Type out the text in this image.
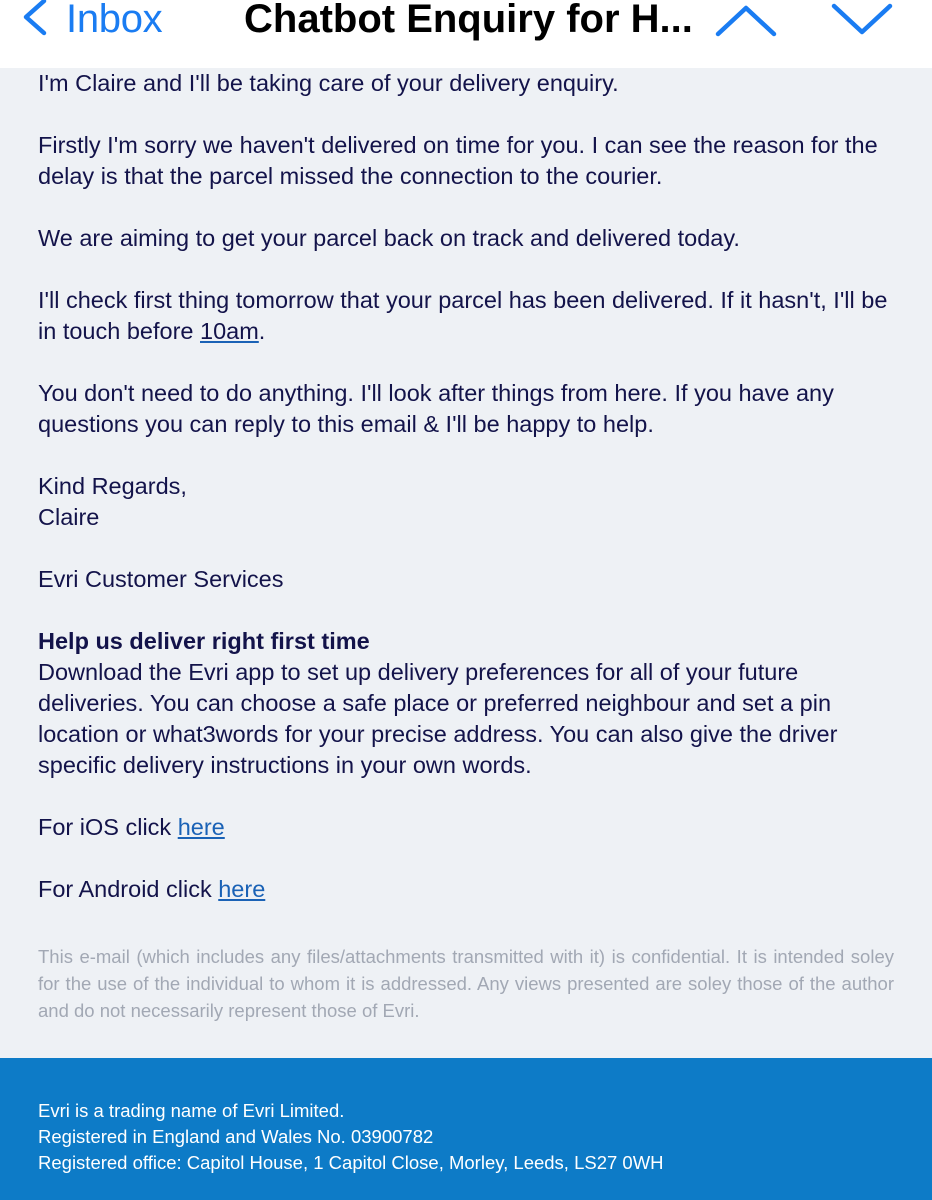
Inbox Chatbot Enquiry for H...

I'm Claire and I'll be taking care of your delivery enquiry.

Firstly I'm sorry we haven't delivered on time for you. I can see the reason for the delay is that the parcel missed the connection to the courier.

We are aiming to get your parcel back on track and delivered today.

I'll check first thing tomorrow that your parcel has been delivered. If it hasn't, I'll be in touch before 10am.

You don't need to do anything. I'll look after things from here. If you have any questions you can reply to this email & I'll be happy to help.

Kind Regards,

Claire

Evri Customer Services

Help us deliver right first time

Download the Evri app to set up delivery preferences for all of your future deliveries. You can choose a safe place or preferred neighbour and set a pin location or what3words for your precise address. You can also give the driver specific delivery instructions in your own words.

For iOS click here

For Android click here

This e-mail (which includes any files/attachments transmitted with it) is confidential. It is intended soley for the use of the individual to whom it is addressed. Any views presented are soley those of the author and do not necessarily represent those of Evri.
Evri is a trading name of Evri Limited.
Registered in England and Wales No. 03900782
Registered office: Capitol House, 1 Capitol Close, Morley, Leeds, LS27 0WH
